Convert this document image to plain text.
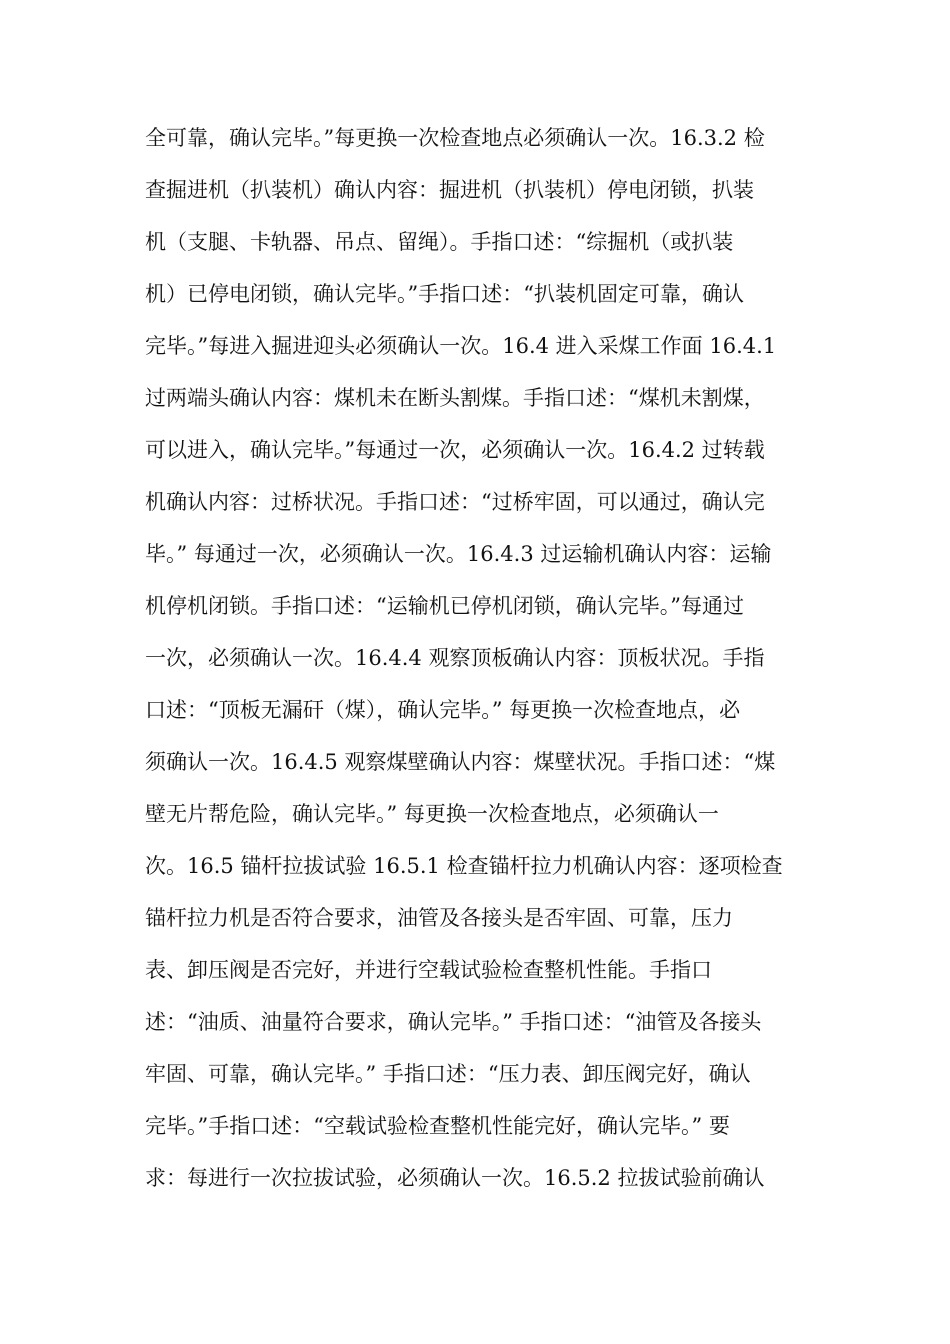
全可靠，确认完毕。”每更换一次检查地点必须确认一次。16.3.2 检
查掘进机（扒装机）确认内容：掘进机（扒装机）停电闭锁，扒装
机（支腿、卡轨器、吊点、留绳）。手指口述：“综掘机（或扒装
机）已停电闭锁，确认完毕。”手指口述：“扒装机固定可靠，确认
完毕。”每进入掘进迎头必须确认一次。16.4 进入采煤工作面 16.4.1
过两端头确认内容：煤机未在断头割煤。手指口述：“煤机未割煤，
可以进入，确认完毕。”每通过一次，必须确认一次。16.4.2 过转载
机确认内容：过桥状况。手指口述：“过桥牢固，可以通过，确认完
毕。” 每通过一次，必须确认一次。16.4.3 过运输机确认内容：运输
机停机闭锁。手指口述：“运输机已停机闭锁，确认完毕。”每通过
一次，必须确认一次。16.4.4 观察顶板确认内容：顶板状况。手指
口述：“顶板无漏矸（煤），确认完毕。” 每更换一次检查地点，必
须确认一次。16.4.5 观察煤壁确认内容：煤壁状况。手指口述：“煤
壁无片帮危险，确认完毕。” 每更换一次检查地点，必须确认一
次。16.5 锚杆拉拔试验 16.5.1 检查锚杆拉力机确认内容：逐项检查
锚杆拉力机是否符合要求，油管及各接头是否牢固、可靠，压力
表、卸压阀是否完好，并进行空载试验检查整机性能。手指口
述：“油质、油量符合要求，确认完毕。” 手指口述：“油管及各接头
牢固、可靠，确认完毕。” 手指口述：“压力表、卸压阀完好，确认
完毕。”手指口述：“空载试验检查整机性能完好，确认完毕。” 要
求：每进行一次拉拔试验，必须确认一次。16.5.2 拉拔试验前确认
